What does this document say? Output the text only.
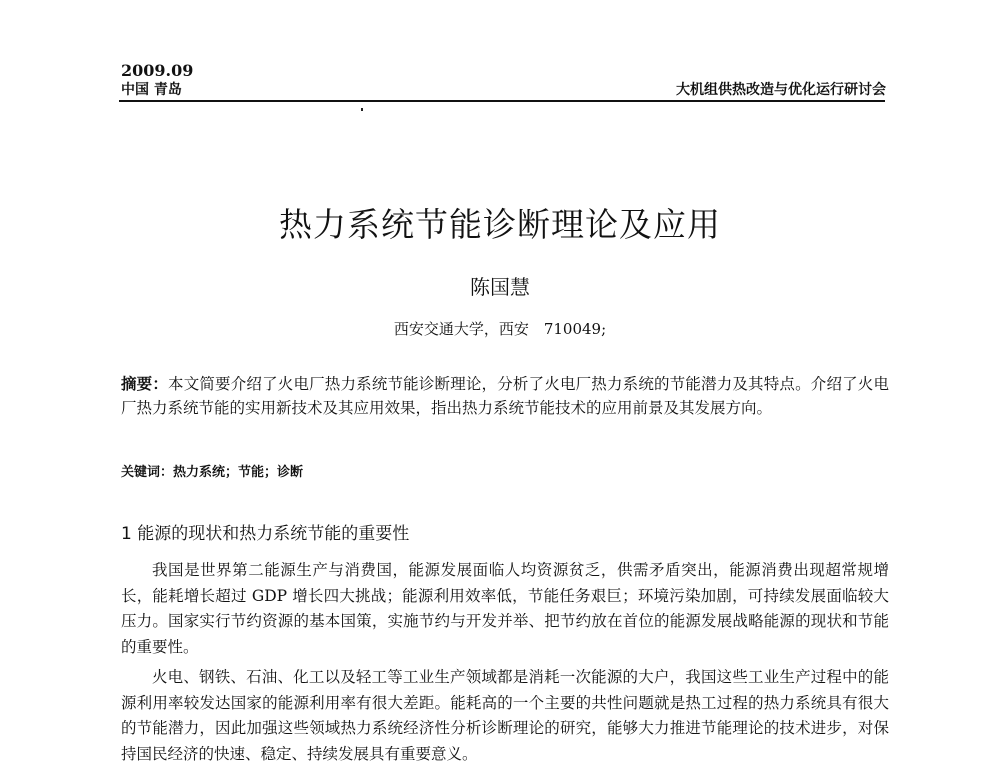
2009.09
中国 青岛	大机组供热改造与优化运行研讨会
热力系统节能诊断理论及应用
陈国慧
西安交通大学，西安　710049;
摘要：本文简要介绍了火电厂热力系统节能诊断理论，分析了火电厂热力系统的节能潜力及其特点。介绍了火电厂热力系统节能的实用新技术及其应用效果，指出热力系统节能技术的应用前景及其发展方向。
关键词：热力系统；节能；诊断
1 能源的现状和热力系统节能的重要性
我国是世界第二能源生产与消费国，能源发展面临人均资源贫乏，供需矛盾突出，能源消费出现超常规增长，能耗增长超过 GDP 增长四大挑战；能源利用效率低，节能任务艰巨；环境污染加剧，可持续发展面临较大压力。国家实行节约资源的基本国策，实施节约与开发并举、把节约放在首位的能源发展战略能源的现状和节能的重要性。
火电、钢铁、石油、化工以及轻工等工业生产领域都是消耗一次能源的大户，我国这些工业生产过程中的能源利用率较发达国家的能源利用率有很大差距。能耗高的一个主要的共性问题就是热工过程的热力系统具有很大的节能潜力，因此加强这些领域热力系统经济性分析诊断理论的研究，能够大力推进节能理论的技术进步，对保持国民经济的快速、稳定、持续发展具有重要意义。
